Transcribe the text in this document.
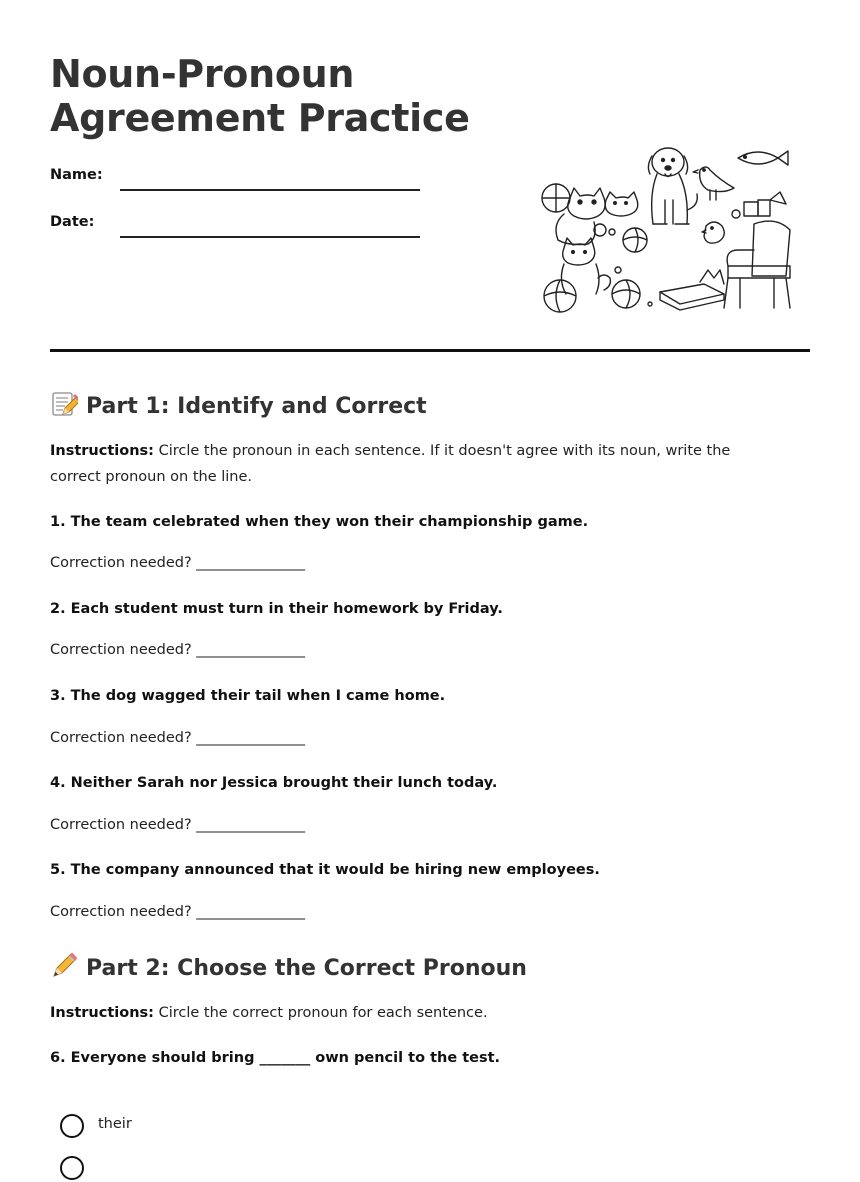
Noun-Pronoun
Agreement Practice
Name:
Date:
Part 1: Identify and Correct
Instructions: Circle the pronoun in each sentence. If it doesn't agree with its noun, write the correct pronoun on the line.
1. The team celebrated when they won their championship game.
Correction needed? _______________
2. Each student must turn in their homework by Friday.
Correction needed? _______________
3. The dog wagged their tail when I came home.
Correction needed? _______________
4. Neither Sarah nor Jessica brought their lunch today.
Correction needed? _______________
5. The company announced that it would be hiring new employees.
Correction needed? _______________
Part 2: Choose the Correct Pronoun
Instructions: Circle the correct pronoun for each sentence.
6. Everyone should bring _______ own pencil to the test.
their
